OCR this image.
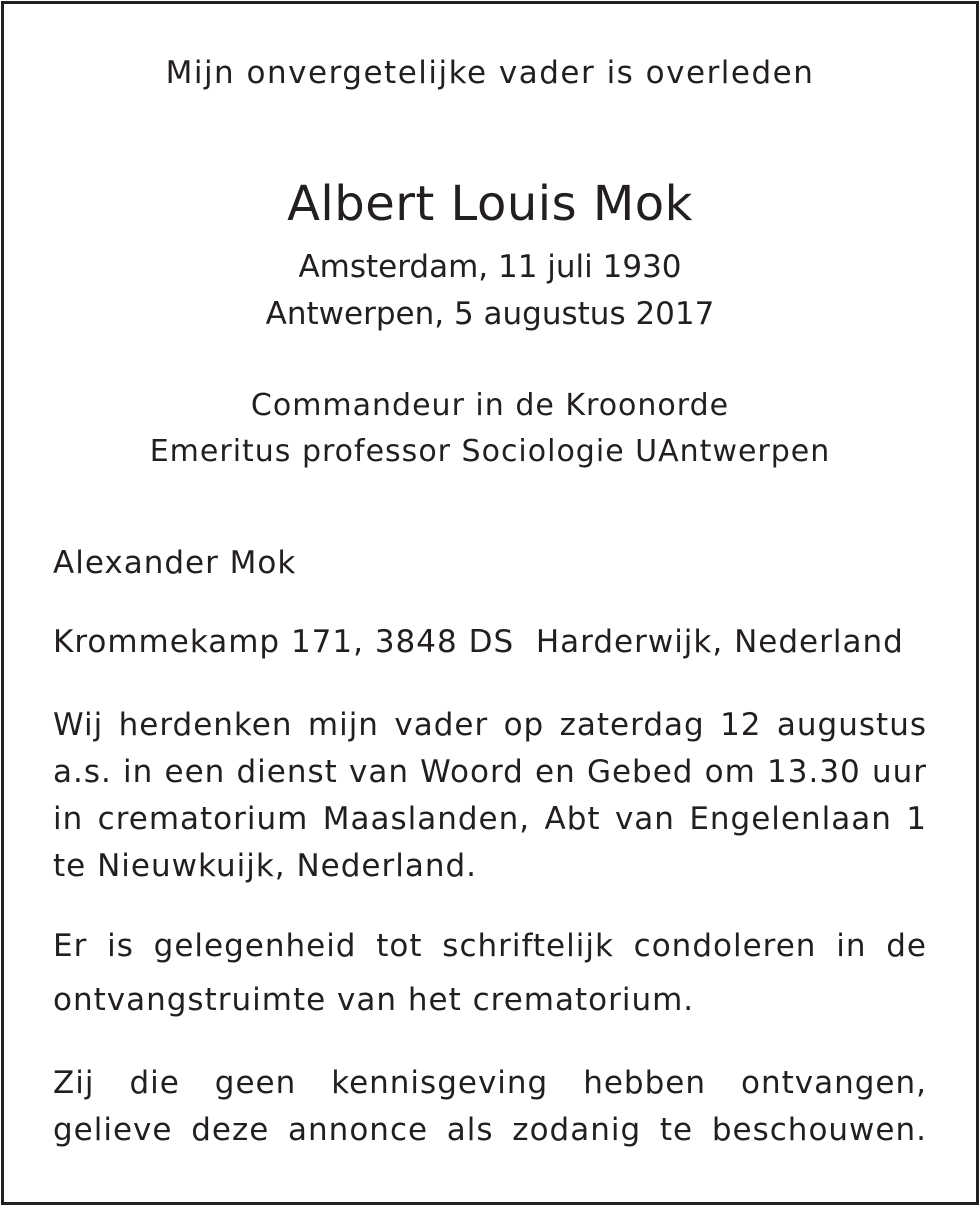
Mijn onvergetelijke vader is overleden

Albert Louis Mok

Amsterdam, 11 juli 1930

Antwerpen, 5 augustus 2017

Commandeur in de Kroonorde

Emeritus professor Sociologie UAntwerpen

Alexander Mok

Krommekamp 171, 3848 DS  Harderwijk, Nederland

Wij herdenken mijn vader op zaterdag 12 augustus
a.s. in een dienst van Woord en Gebed om 13.30 uur
in crematorium Maaslanden, Abt van Engelenlaan 1
te Nieuwkuijk, Nederland.
Er is gelegenheid tot schriftelijk condoleren in de
ontvangstruimte van het crematorium.
Zij die geen kennisgeving hebben ontvangen,
gelieve deze annonce als zodanig te beschouwen.
